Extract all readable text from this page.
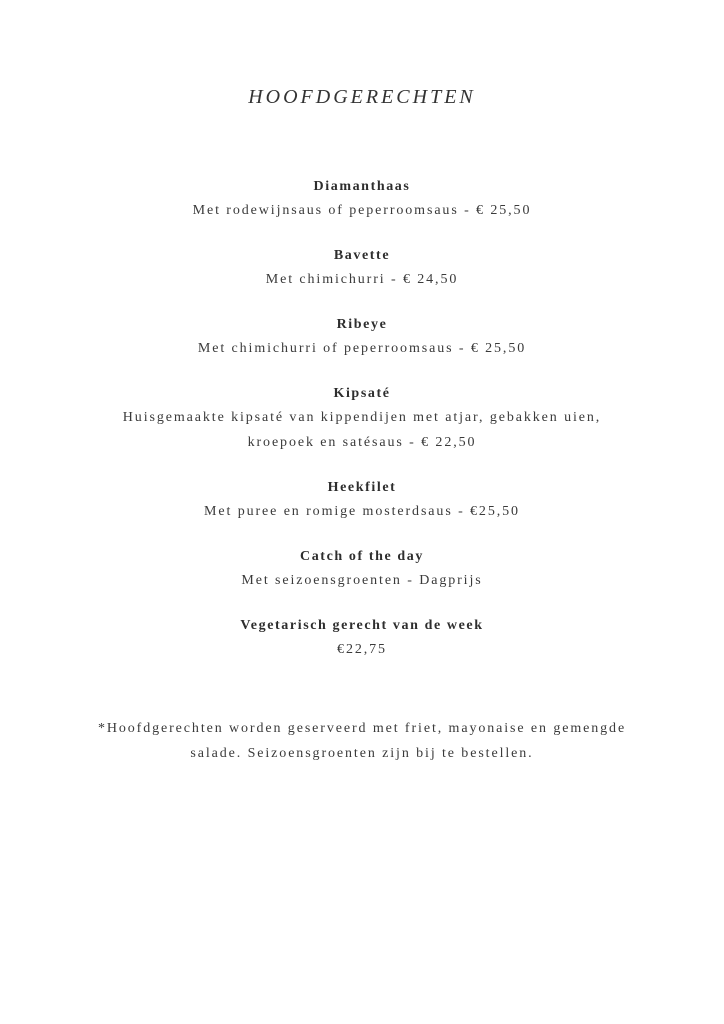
HOOFDGERECHTEN
Diamanthaas
Met rodewijnsaus of peperroomsaus - € 25,50
Bavette
Met chimichurri - € 24,50
Ribeye
Met chimichurri of peperroomsaus - € 25,50
Kipsaté
Huisgemaakte kipsaté van kippendijen met atjar, gebakken uien,
kroepoek en satésaus - € 22,50
Heekfilet
Met puree en romige mosterdsaus - €25,50
Catch of the day
Met seizoensgroenten - Dagprijs
Vegetarisch gerecht van de week
€22,75
*Hoofdgerechten worden geserveerd met friet, mayonaise en gemengde
salade. Seizoensgroenten zijn bij te bestellen.
